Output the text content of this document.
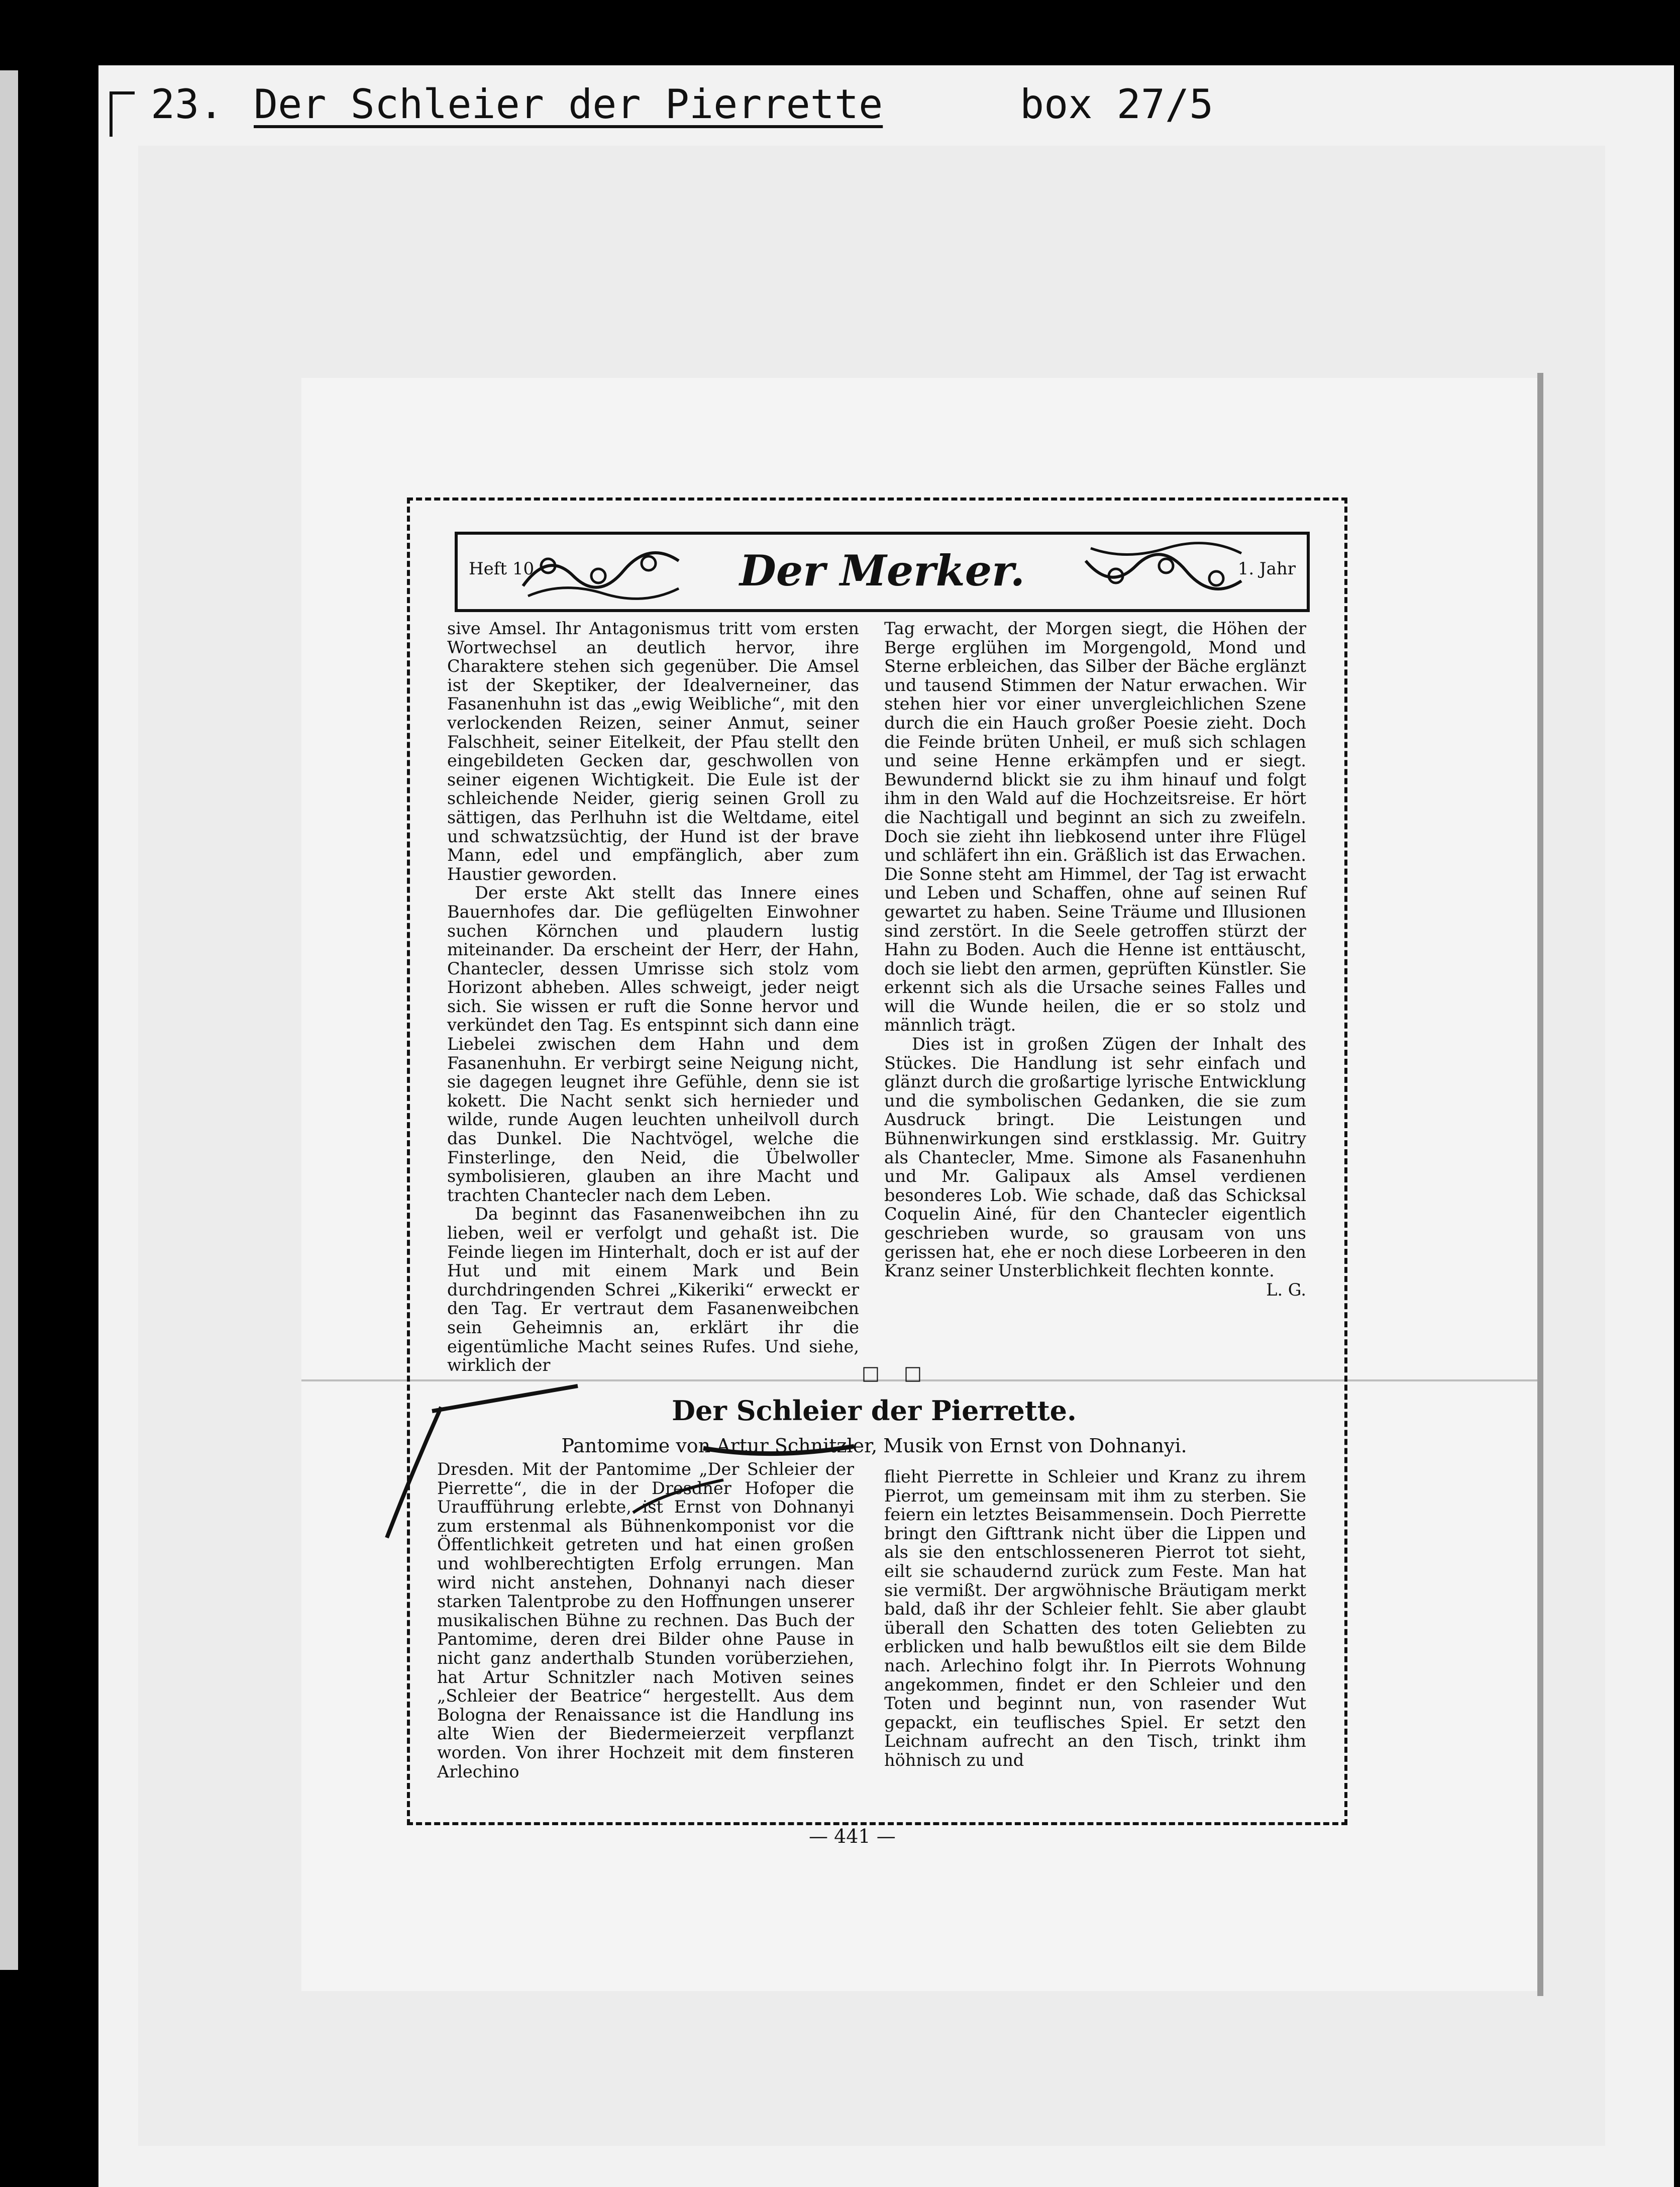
23. Der Schleier der Pierrette	box 27/5
Heft 10	Der Merker.	1. Jahr

sive Amsel. Ihr Antagonismus tritt vom ersten Wortwechsel an deutlich hervor, ihre Charaktere stehen sich gegenüber. Die Amsel ist der Skeptiker, der Idealverneiner, das Fasanenhuhn ist das „ewig Weibliche“, mit den verlockenden Reizen, seiner Anmut, seiner Falschheit, seiner Eitelkeit, der Pfau stellt den eingebildeten Gecken dar, geschwollen von seiner eigenen Wichtigkeit. Die Eule ist der schleichende Neider, gierig seinen Groll zu sättigen, das Perlhuhn ist die Weltdame, eitel und schwatzsüchtig, der Hund ist der brave Mann, edel und empfänglich, aber zum Haustier geworden.

Der erste Akt stellt das Innere eines Bauernhofes dar. Die geflügelten Einwohner suchen Körnchen und plaudern lustig miteinander. Da erscheint der Herr, der Hahn, Chantecler, dessen Umrisse sich stolz vom Horizont abheben. Alles schweigt, jeder neigt sich. Sie wissen er ruft die Sonne hervor und verkündet den Tag. Es entspinnt sich dann eine Liebelei zwischen dem Hahn und dem Fasanenhuhn. Er verbirgt seine Neigung nicht, sie dagegen leugnet ihre Gefühle, denn sie ist kokett. Die Nacht senkt sich hernieder und wilde, runde Augen leuchten unheilvoll durch das Dunkel. Die Nachtvögel, welche die Finsterlinge, den Neid, die Übelwoller symbolisieren, glauben an ihre Macht und trachten Chantecler nach dem Leben.

Da beginnt das Fasanenweibchen ihn zu lieben, weil er verfolgt und gehaßt ist. Die Feinde liegen im Hinterhalt, doch er ist auf der Hut und mit einem Mark und Bein durchdringenden Schrei „Kikeriki“ erweckt er den Tag. Er vertraut dem Fasanenweibchen sein Geheimnis an, erklärt ihr die eigentümliche Macht seines Rufes. Und siehe, wirklich der

Tag erwacht, der Morgen siegt, die Höhen der Berge erglühen im Morgengold, Mond und Sterne erbleichen, das Silber der Bäche erglänzt und tausend Stimmen der Natur erwachen. Wir stehen hier vor einer unvergleichlichen Szene durch die ein Hauch großer Poesie zieht. Doch die Feinde brüten Unheil, er muß sich schlagen und seine Henne erkämpfen und er siegt. Bewundernd blickt sie zu ihm hinauf und folgt ihm in den Wald auf die Hochzeitsreise. Er hört die Nachtigall und beginnt an sich zu zweifeln. Doch sie zieht ihn liebkosend unter ihre Flügel und schläfert ihn ein. Gräßlich ist das Erwachen. Die Sonne steht am Himmel, der Tag ist erwacht und Leben und Schaffen, ohne auf seinen Ruf gewartet zu haben. Seine Träume und Illusionen sind zerstört. In die Seele getroffen stürzt der Hahn zu Boden. Auch die Henne ist enttäuscht, doch sie liebt den armen, geprüften Künstler. Sie erkennt sich als die Ursache seines Falles und will die Wunde heilen, die er so stolz und männlich trägt.

Dies ist in großen Zügen der Inhalt des Stückes. Die Handlung ist sehr einfach und glänzt durch die großartige lyrische Entwicklung und die symbolischen Gedanken, die sie zum Ausdruck bringt. Die Leistungen und Bühnenwirkungen sind erstklassig. Mr. Guitry als Chantecler, Mme. Simone als Fasanenhuhn und Mr. Galipaux als Amsel verdienen besonderes Lob. Wie schade, daß das Schicksal Coquelin Ainé, für den Chantecler eigentlich geschrieben wurde, so grausam von uns gerissen hat, ehe er noch diese Lorbeeren in den Kranz seiner Unsterblichkeit flechten konnte.

L. G.

□ □
Der Schleier der Pierrette.
Pantomime von Artur Schnitzler, Musik von Ernst von Dohnanyi.

Dresden. Mit der Pantomime „Der Schleier der Pierrette“, die in der Dresdner Hofoper die Uraufführung erlebte, ist Ernst von Dohnanyi zum erstenmal als Bühnenkomponist vor die Öffentlichkeit getreten und hat einen großen und wohlberechtigten Erfolg errungen. Man wird nicht anstehen, Dohnanyi nach dieser starken Talentprobe zu den Hoffnungen unserer musikalischen Bühne zu rechnen. Das Buch der Pantomime, deren drei Bilder ohne Pause in nicht ganz anderthalb Stunden vorüberziehen, hat Artur Schnitzler nach Motiven seines „Schleier der Beatrice“ hergestellt. Aus dem Bologna der Renaissance ist die Handlung ins alte Wien der Biedermeierzeit verpflanzt worden. Von ihrer Hochzeit mit dem finsteren Arlechino

flieht Pierrette in Schleier und Kranz zu ihrem Pierrot, um gemeinsam mit ihm zu sterben. Sie feiern ein letztes Beisammensein. Doch Pierrette bringt den Gifttrank nicht über die Lippen und als sie den entschlosseneren Pierrot tot sieht, eilt sie schaudernd zurück zum Feste. Man hat sie vermißt. Der argwöhnische Bräutigam merkt bald, daß ihr der Schleier fehlt. Sie aber glaubt überall den Schatten des toten Geliebten zu erblicken und halb bewußtlos eilt sie dem Bilde nach. Arlechino folgt ihr. In Pierrots Wohnung angekommen, findet er den Schleier und den Toten und beginnt nun, von rasender Wut gepackt, ein teuflisches Spiel. Er setzt den Leichnam aufrecht an den Tisch, trinkt ihm höhnisch zu und

— 441 —
